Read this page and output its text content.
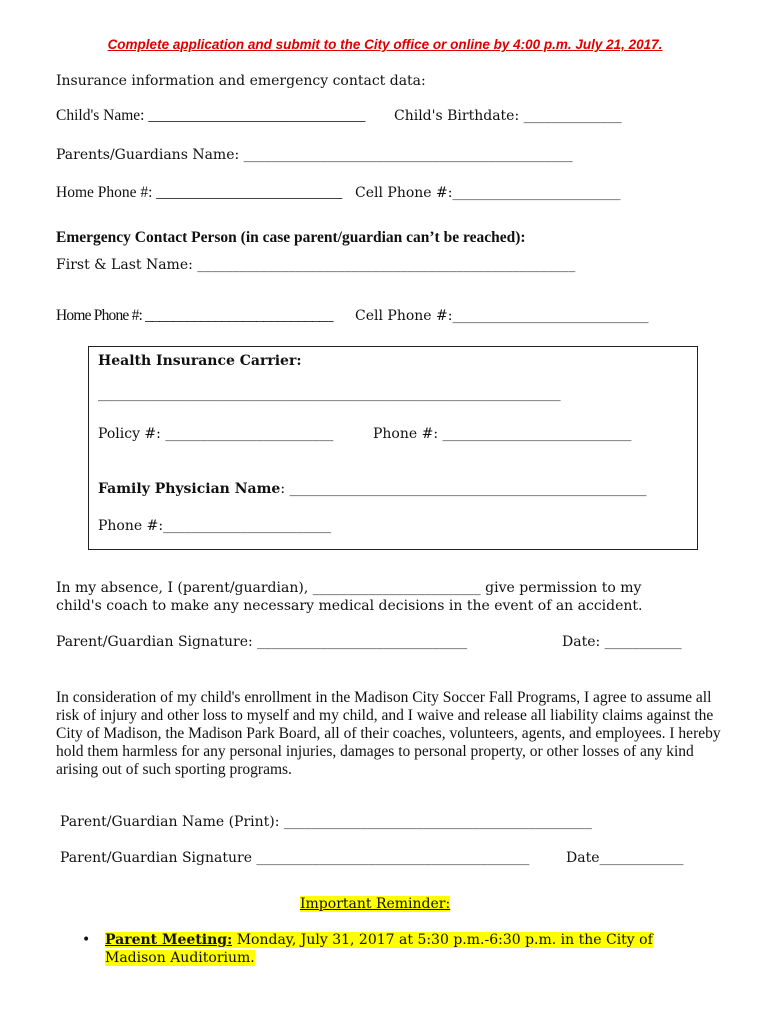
Complete application and submit to the City office or online by 4:00 p.m. July 21, 2017.
Insurance information and emergency contact data:
Child's Name: ____________________________ Child's Birthdate: ______________
Parents/Guardians Name: _______________________________________________
Home Phone #: ________________________ Cell Phone #:________________________
Emergency Contact Person (in case parent/guardian can’t be reached):
First & Last Name: ______________________________________________________
Home Phone #: ___________________________ Cell Phone #:____________________________
Health Insurance Carrier:
_____________________________________________________________________
Policy #: ________________________	Phone #: ___________________________
Family Physician Name: ___________________________________________________
Phone #:________________________
In my absence, I (parent/guardian), ________________________ give permission to my
child's coach to make any necessary medical decisions in the event of an accident.
Parent/Guardian Signature: ______________________________	Date: ___________
In consideration of my child's enrollment in the Madison City Soccer Fall Programs, I agree to assume all risk of injury and other loss to myself and my child, and I waive and release all liability claims against the City of Madison, the Madison Park Board, all of their coaches, volunteers, agents, and employees. I hereby hold them harmless for any personal injuries, damages to personal property, or other losses of any kind arising out of such sporting programs.
Parent/Guardian Name (Print): ____________________________________________
Parent/Guardian Signature _______________________________________	Date____________
Important Reminder:
• Parent Meeting: Monday, July 31, 2017 at 5:30 p.m.-6:30 p.m. in the City of
Madison Auditorium.
